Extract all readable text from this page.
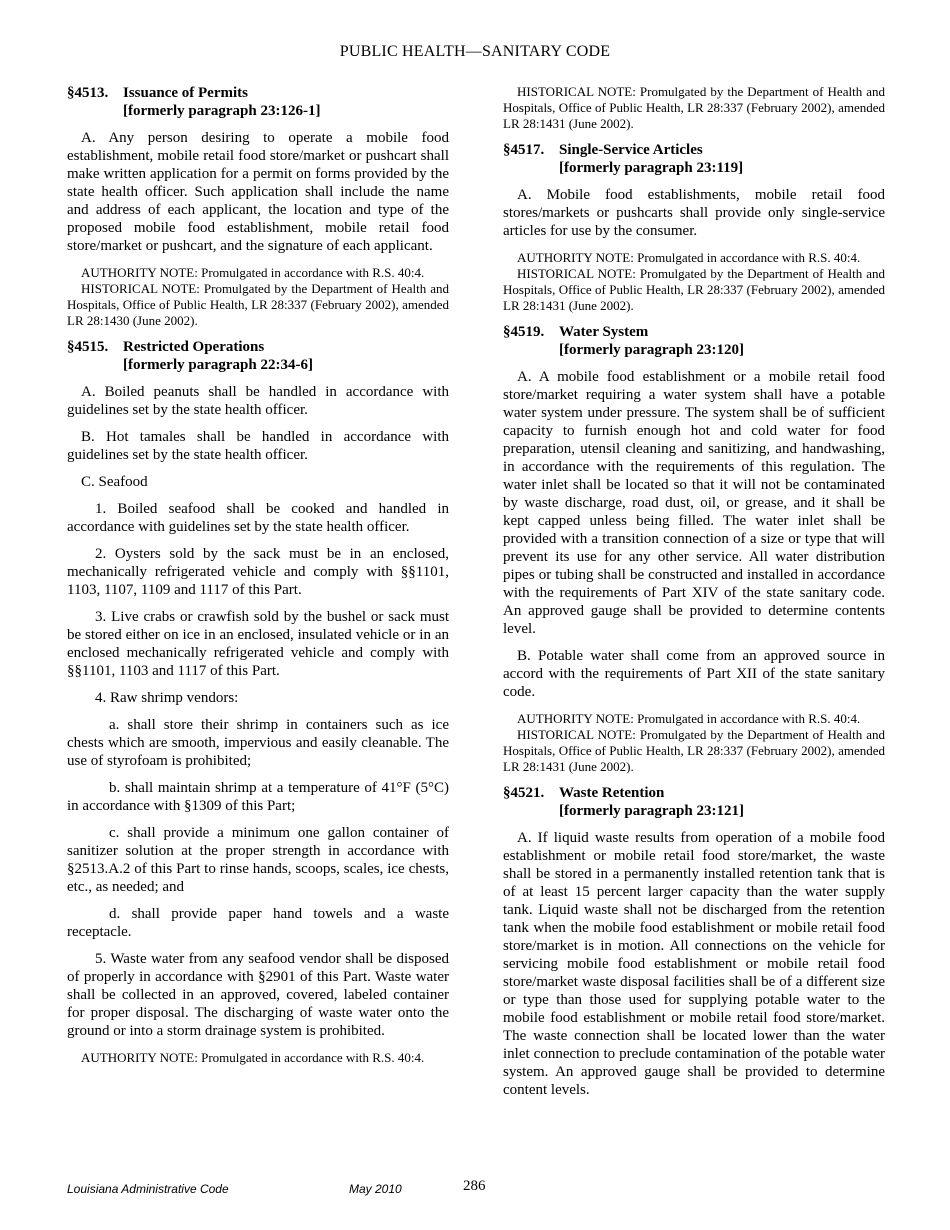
PUBLIC HEALTH—SANITARY CODE
§4513. Issuance of Permits
[formerly paragraph 23:126-1]

A. Any person desiring to operate a mobile food establishment, mobile retail food store/market or pushcart shall make written application for a permit on forms provided by the state health officer. Such application shall include the name and address of each applicant, the location and type of the proposed mobile food establishment, mobile retail food store/market or pushcart, and the signature of each applicant.

AUTHORITY NOTE: Promulgated in accordance with R.S. 40:4.

HISTORICAL NOTE: Promulgated by the Department of Health and Hospitals, Office of Public Health, LR 28:337 (February 2002), amended LR 28:1430 (June 2002).

§4515. Restricted Operations
[formerly paragraph 22:34-6]

A. Boiled peanuts shall be handled in accordance with guidelines set by the state health officer.

B. Hot tamales shall be handled in accordance with guidelines set by the state health officer.

C. Seafood

1. Boiled seafood shall be cooked and handled in accordance with guidelines set by the state health officer.

2. Oysters sold by the sack must be in an enclosed, mechanically refrigerated vehicle and comply with §§1101, 1103, 1107, 1109 and 1117 of this Part.

3. Live crabs or crawfish sold by the bushel or sack must be stored either on ice in an enclosed, insulated vehicle or in an enclosed mechanically refrigerated vehicle and comply with §§1101, 1103 and 1117 of this Part.

4. Raw shrimp vendors:

a. shall store their shrimp in containers such as ice chests which are smooth, impervious and easily cleanable. The use of styrofoam is prohibited;

b. shall maintain shrimp at a temperature of 41°F (5°C) in accordance with §1309 of this Part;

c. shall provide a minimum one gallon container of sanitizer solution at the proper strength in accordance with §2513.A.2 of this Part to rinse hands, scoops, scales, ice chests, etc., as needed; and

d. shall provide paper hand towels and a waste receptacle.

5. Waste water from any seafood vendor shall be disposed of properly in accordance with §2901 of this Part. Waste water shall be collected in an approved, covered, labeled container for proper disposal. The discharging of waste water onto the ground or into a storm drainage system is prohibited.

AUTHORITY NOTE: Promulgated in accordance with R.S. 40:4.

HISTORICAL NOTE: Promulgated by the Department of Health and Hospitals, Office of Public Health, LR 28:337 (February 2002), amended LR 28:1431 (June 2002).

§4517. Single-Service Articles
[formerly paragraph 23:119]

A. Mobile food establishments, mobile retail food stores/markets or pushcarts shall provide only single-service articles for use by the consumer.

AUTHORITY NOTE: Promulgated in accordance with R.S. 40:4.

HISTORICAL NOTE: Promulgated by the Department of Health and Hospitals, Office of Public Health, LR 28:337 (February 2002), amended LR 28:1431 (June 2002).

§4519. Water System
[formerly paragraph 23:120]

A. A mobile food establishment or a mobile retail food store/market requiring a water system shall have a potable water system under pressure. The system shall be of sufficient capacity to furnish enough hot and cold water for food preparation, utensil cleaning and sanitizing, and handwashing, in accordance with the requirements of this regulation. The water inlet shall be located so that it will not be contaminated by waste discharge, road dust, oil, or grease, and it shall be kept capped unless being filled. The water inlet shall be provided with a transition connection of a size or type that will prevent its use for any other service. All water distribution pipes or tubing shall be constructed and installed in accordance with the requirements of Part XIV of the state sanitary code. An approved gauge shall be provided to determine contents level.

B. Potable water shall come from an approved source in accord with the requirements of Part XII of the state sanitary code.

AUTHORITY NOTE: Promulgated in accordance with R.S. 40:4.

HISTORICAL NOTE: Promulgated by the Department of Health and Hospitals, Office of Public Health, LR 28:337 (February 2002), amended LR 28:1431 (June 2002).

§4521. Waste Retention
[formerly paragraph 23:121]

A. If liquid waste results from operation of a mobile food establishment or mobile retail food store/market, the waste shall be stored in a permanently installed retention tank that is of at least 15 percent larger capacity than the water supply tank. Liquid waste shall not be discharged from the retention tank when the mobile food establishment or mobile retail food store/market is in motion. All connections on the vehicle for servicing mobile food establishment or mobile retail food store/market waste disposal facilities shall be of a different size or type than those used for supplying potable water to the mobile food establishment or mobile retail food store/market. The waste connection shall be located lower than the water inlet connection to preclude contamination of the potable water system. An approved gauge shall be provided to determine content levels.

Louisiana Administrative Code	May 2010	286
